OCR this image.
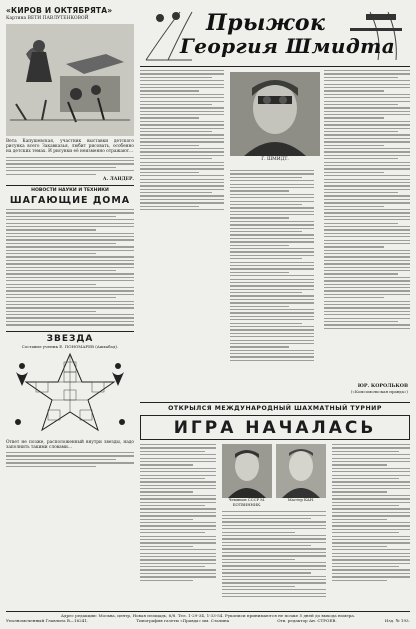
«КИРОВ И ОКТЯБРЯТА»
Картина ВЕТИ ПАВЛУТЕНКОВОЙ
Вета Капушевская, участник выставки детского рисунка всего Закавказья, любит рисовать, особенно на детских темах. И рисунки её неизменно отражают...
А. ЛАНДЕР.
НОВОСТИ НАУКИ И ТЕХНИКИ
ШАГАЮЩИЕ ДОМА
ЗВЕЗДА
Составил ученик Е. ПОНОМАРЕВ (Ашхабад).
Ответ не позже, расположенный внутри звезды, надо заполнить такими словами...
Прыжок
Георгия Шмидта
Г. ШМИДТ.
ЮР. КОРОЛЬКОВ
(«Комсомольская правда»)
ОТКРЫЛСЯ МЕЖДУНАРОДНЫЙ ШАХМАТНЫЙ ТУРНИР
ИГРА НАЧАЛАСЬ
Чемпион СССР М. БОТВИННИК.
Мастер КАН.
Адрес редакции: Москва, центр, Новая площадь, 6/8. Тел. 1-29-34, 1-33-54. Рукописи принимаются не позже 5 дней до выхода номера.
Уполномоченный Главлита В—16241.	Типография газеты «Правда» им. Сталина	Отв. редактор Ан. СТРОЕВ.	Изд. № 193.
